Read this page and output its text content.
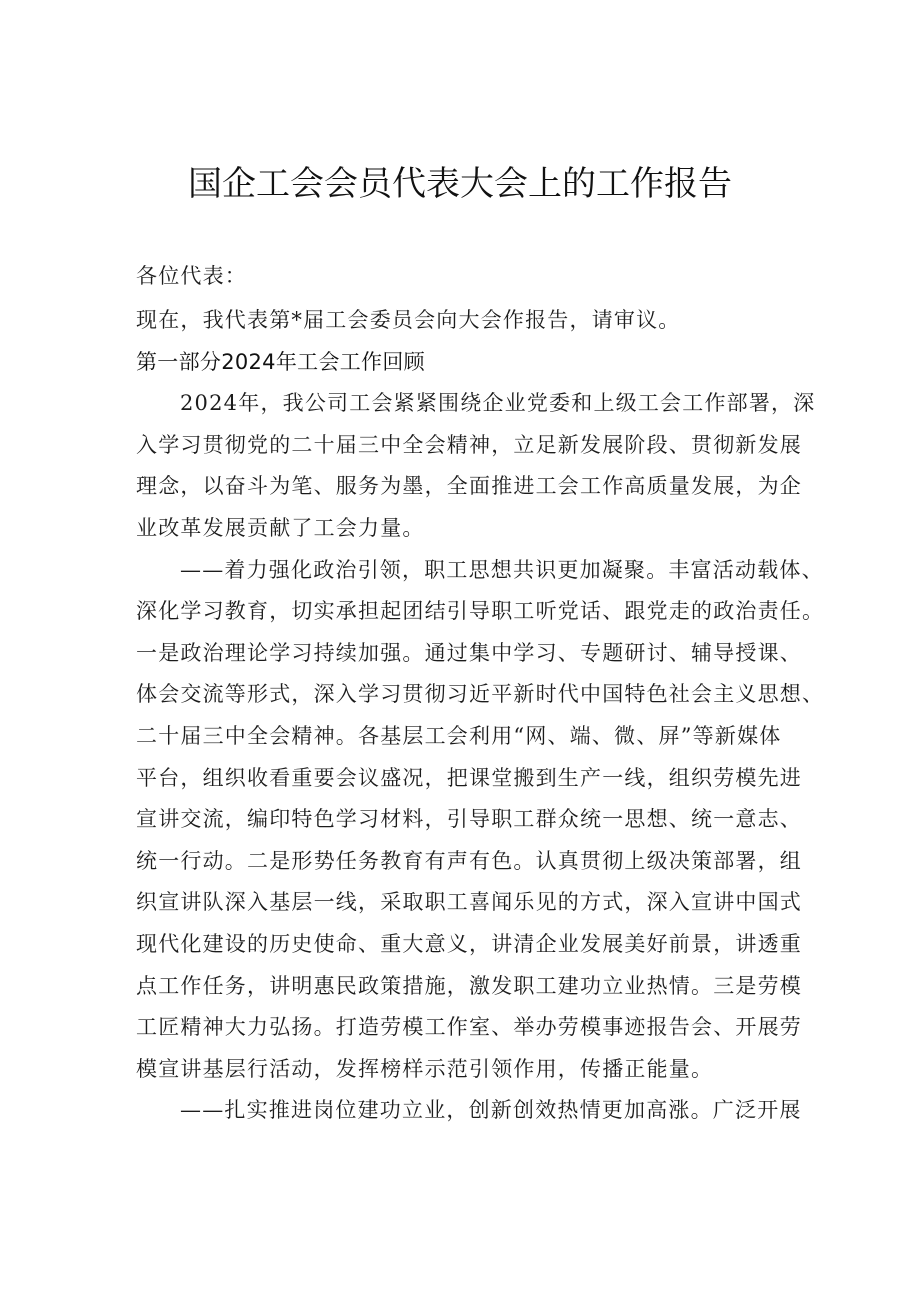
国企工会会员代表大会上的工作报告

各位代表：

现在，我代表第*届工会委员会向大会作报告，请审议。

第一部分2024年工会工作回顾

2024年，我公司工会紧紧围绕企业党委和上级工会工作部署，深
入学习贯彻党的二十届三中全会精神，立足新发展阶段、贯彻新发展
理念，以奋斗为笔、服务为墨，全面推进工会工作高质量发展，为企
业改革发展贡献了工会力量。
——着力强化政治引领，职工思想共识更加凝聚。丰富活动载体、
深化学习教育，切实承担起团结引导职工听党话、跟党走的政治责任。
一是政治理论学习持续加强。通过集中学习、专题研讨、辅导授课、
体会交流等形式，深入学习贯彻习近平新时代中国特色社会主义思想、
二十届三中全会精神。各基层工会利用“网、端、微、屏”等新媒体
平台，组织收看重要会议盛况，把课堂搬到生产一线，组织劳模先进
宣讲交流，编印特色学习材料，引导职工群众统一思想、统一意志、
统一行动。二是形势任务教育有声有色。认真贯彻上级决策部署，组
织宣讲队深入基层一线，采取职工喜闻乐见的方式，深入宣讲中国式
现代化建设的历史使命、重大意义，讲清企业发展美好前景，讲透重
点工作任务，讲明惠民政策措施，激发职工建功立业热情。三是劳模
工匠精神大力弘扬。打造劳模工作室、举办劳模事迹报告会、开展劳
模宣讲基层行活动，发挥榜样示范引领作用，传播正能量。
——扎实推进岗位建功立业，创新创效热情更加高涨。广泛开展
